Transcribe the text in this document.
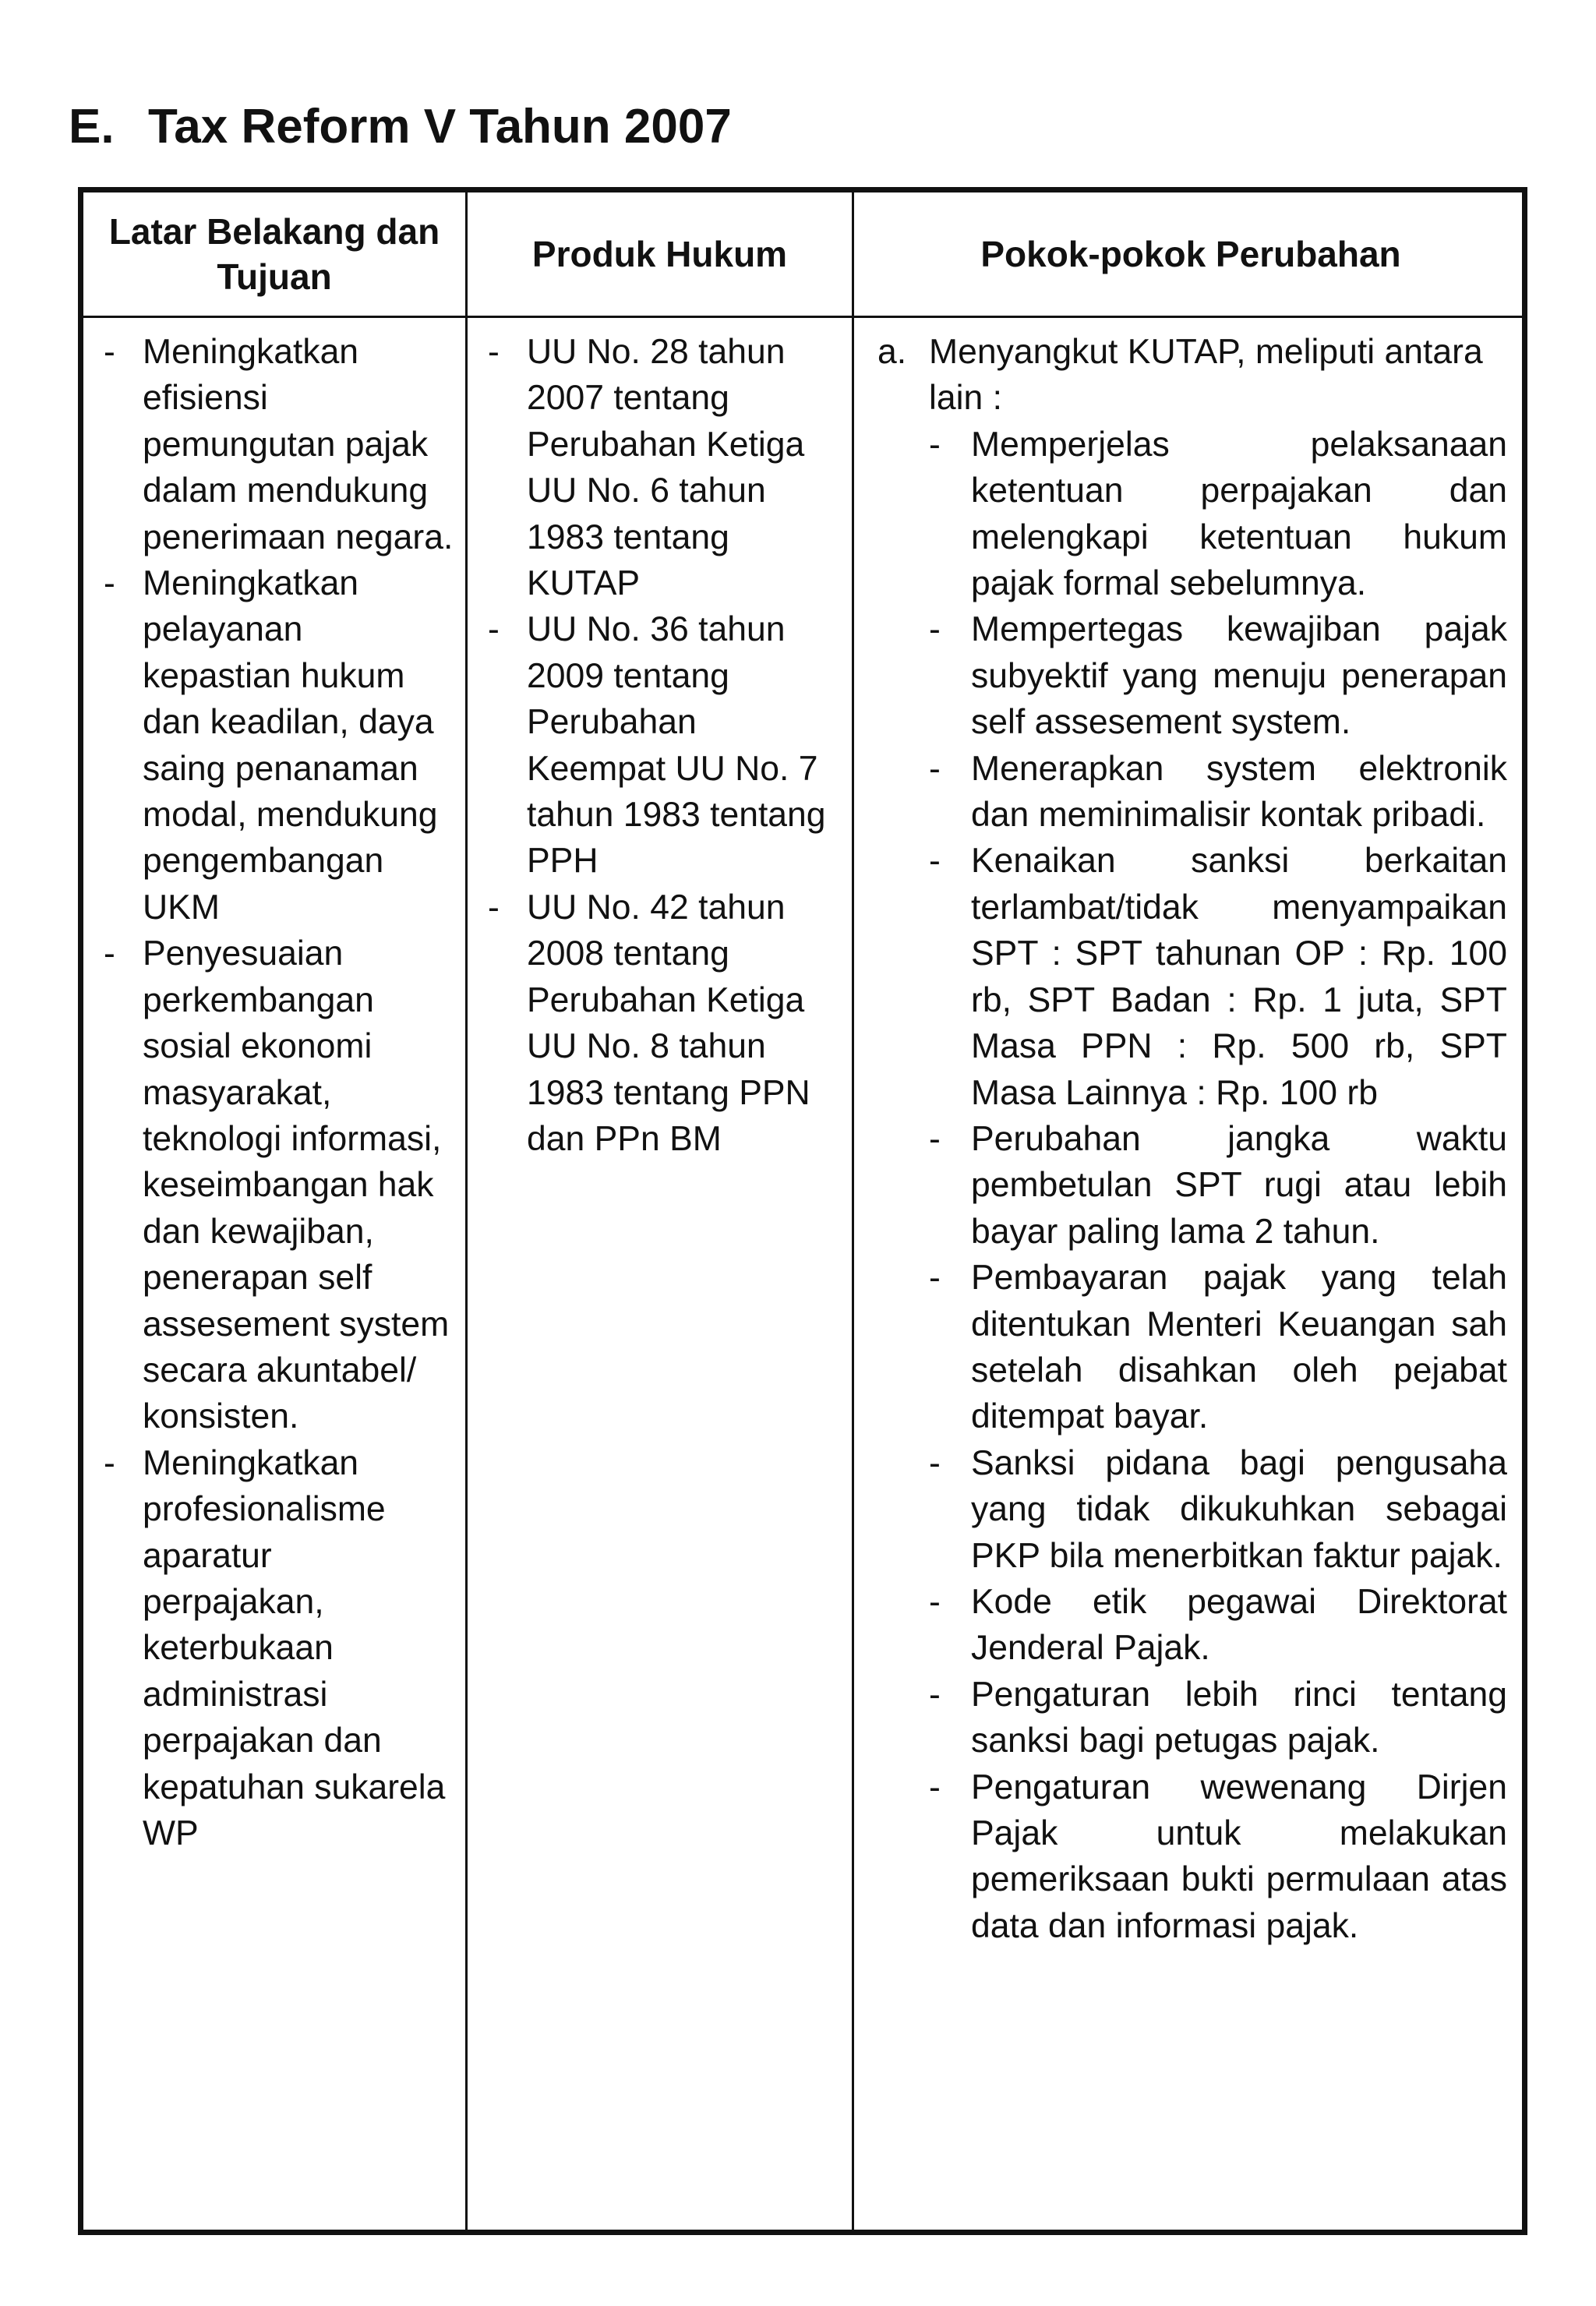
E. Tax Reform V Tahun 2007
Latar Belakang dan Tujuan
Produk Hukum	Pokok-pokok Perubahan
- Meningkatkan efisiensi pemungutan pajak dalam mendukung penerimaan negara.
- Meningkatkan pelayanan kepastian hukum dan keadilan, daya saing penanaman modal, mendukung pengembangan UKM
- Penyesuaian perkembangan sosial ekonomi masyarakat, teknologi informasi, keseimbangan hak dan kewajiban, penerapan self assesement system secara akuntabel/ konsisten.
- Meningkatkan profesionalisme aparatur perpajakan, keterbukaan administrasi perpajakan dan kepatuhan sukarela WP
- UU No. 28 tahun 2007 tentang Perubahan Ketiga UU No. 6 tahun 1983 tentang KUTAP
- UU No. 36 tahun 2009 tentang Perubahan Keempat UU No. 7 tahun 1983 tentang PPH
- UU No. 42 tahun 2008 tentang Perubahan Ketiga UU No. 8 tahun 1983 tentang PPN dan PPn BM
a. Menyangkut KUTAP, meliputi antara lain :
- Memperjelas pelaksanaan ketentuan perpajakan dan melengkapi ketentuan hukum pajak formal sebelumnya.
- Mempertegas kewajiban pajak subyektif yang menuju penerapan self assesement system.
- Menerapkan system elektronik dan meminimalisir kontak pribadi.
- Kenaikan sanksi berkaitan terlambat/tidak menyampaikan SPT : SPT tahunan OP : Rp. 100 rb, SPT Badan : Rp. 1 juta, SPT Masa PPN : Rp. 500 rb, SPT Masa Lainnya : Rp. 100 rb
- Perubahan jangka waktu pembetulan SPT rugi atau lebih bayar paling lama 2 tahun.
- Pembayaran pajak yang telah ditentukan Menteri Keuangan sah setelah disahkan oleh pejabat ditempat bayar.
- Sanksi pidana bagi pengusaha yang tidak dikukuhkan sebagai PKP bila menerbitkan faktur pajak.
- Kode etik pegawai Direktorat Jenderal Pajak.
- Pengaturan lebih rinci tentang sanksi bagi petugas pajak.
- Pengaturan wewenang Dirjen Pajak untuk melakukan pemeriksaan bukti permulaan atas data dan informasi pajak.
